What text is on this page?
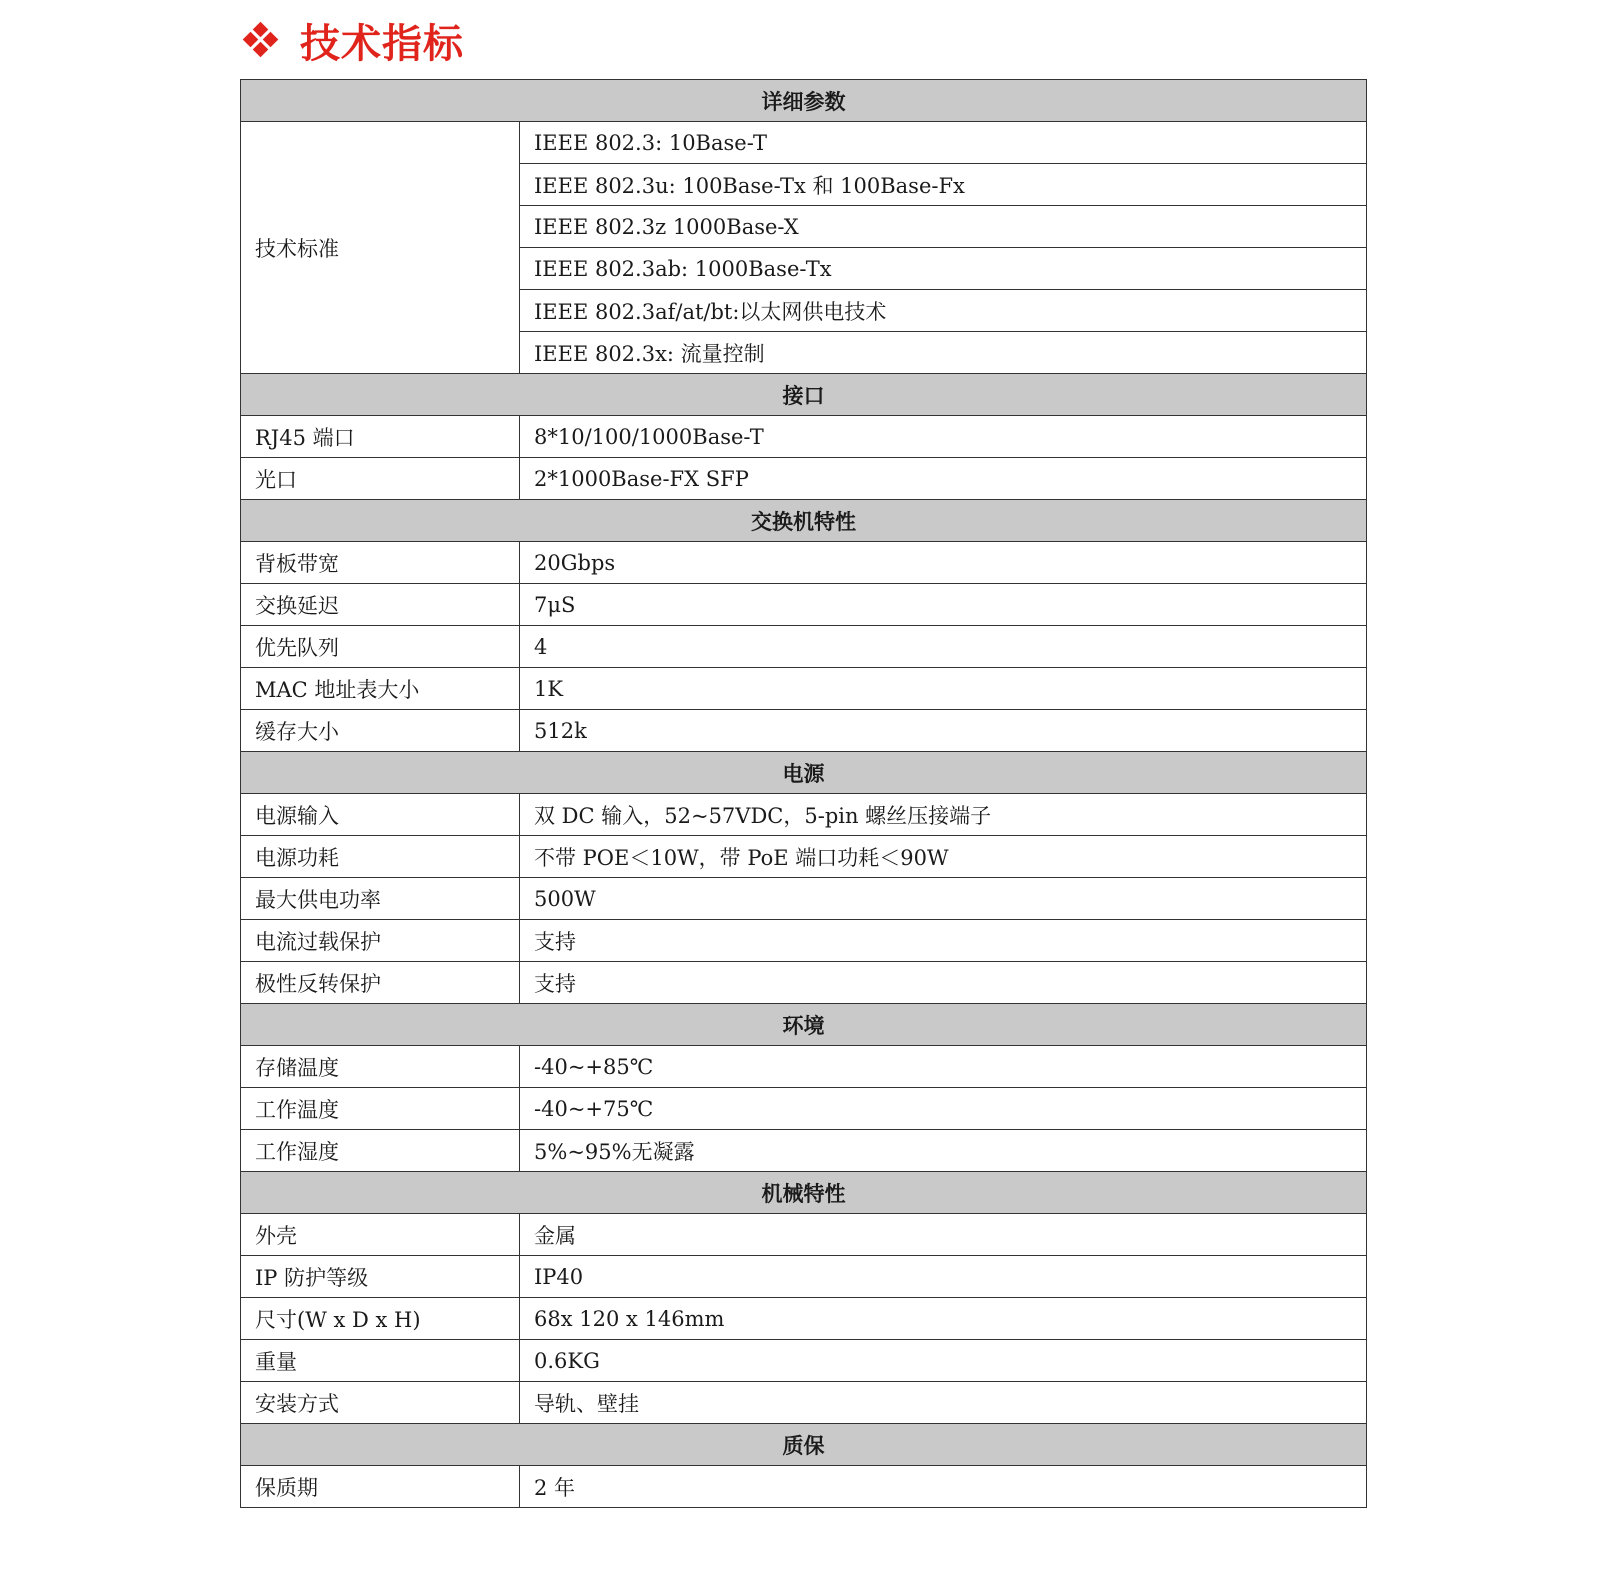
技术指标
详细参数	
技术标准	IEEE 802.3: 10Base-T
	IEEE 802.3u: 100Base-Tx 和 100Base-Fx
	IEEE 802.3z 1000Base-X
	IEEE 802.3ab: 1000Base-Tx
	IEEE 802.3af/at/bt:以太网供电技术
	IEEE 802.3x: 流量控制
接口	
RJ45 端口	8*10/100/1000Base-T
光口	2*1000Base-FX SFP
交换机特性	
背板带宽	20Gbps
交换延迟	7μS
优先队列	4
MAC 地址表大小	1K
缓存大小	512k
电源	
电源输入	双 DC 输入，52~57VDC，5-pin 螺丝压接端子
电源功耗	不带 POE＜10W，带 PoE 端口功耗＜90W
最大供电功率	500W
电流过载保护	支持
极性反转保护	支持
环境	
存储温度	-40~+85℃
工作温度	-40~+75℃
工作湿度	5%~95%无凝露
机械特性	
外壳	金属
IP 防护等级	IP40
尺寸(W x D x H)	68x 120 x 146mm
重量	0.6KG
安装方式	导轨、壁挂
质保	
保质期	2 年
